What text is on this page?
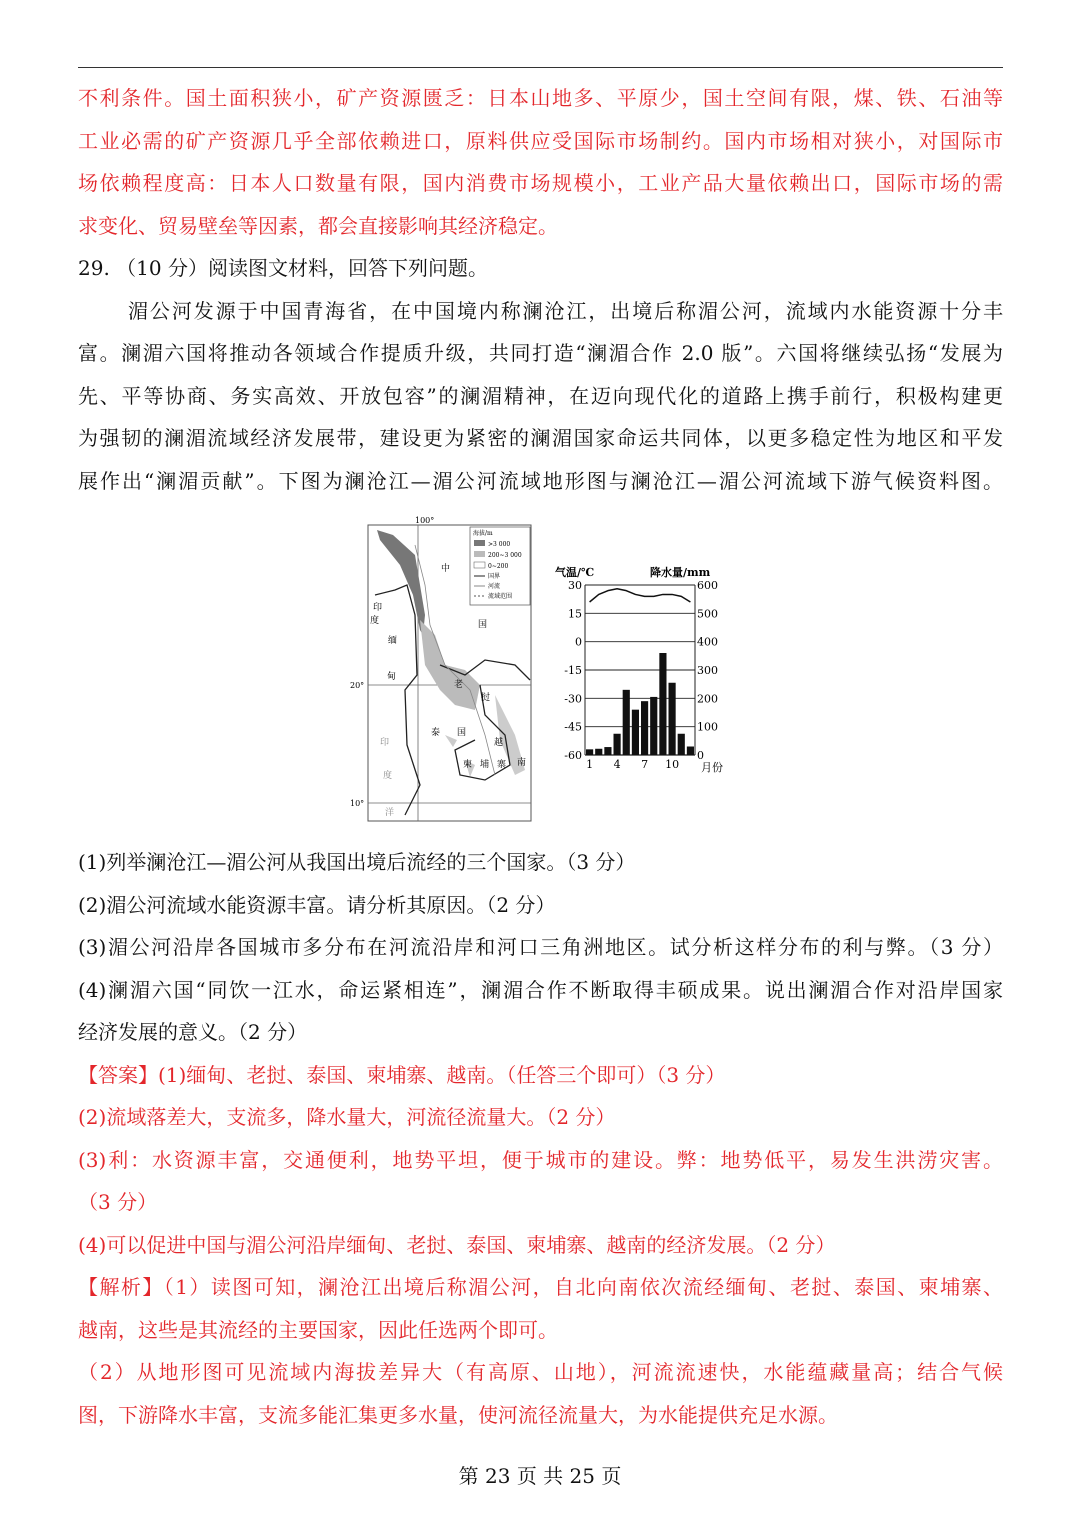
不利条件。国土面积狭小，矿产资源匮乏：日本山地多、平原少，国土空间有限，煤、铁、石油等
工业必需的矿产资源几乎全部依赖进口，原料供应受国际市场制约。国内市场相对狭小，对国际市
场依赖程度高：日本人口数量有限，国内消费市场规模小，工业产品大量依赖出口，国际市场的需
求变化、贸易壁垒等因素，都会直接影响其经济稳定。
29. （10 分）阅读图文材料，回答下列问题。
湄公河发源于中国青海省，在中国境内称澜沧江，出境后称湄公河，流域内水能资源十分丰
富。澜湄六国将推动各领域合作提质升级，共同打造“澜湄合作 2.0 版”。六国将继续弘扬“发展为
先、平等协商、务实高效、开放包容”的澜湄精神，在迈向现代化的道路上携手前行，积极构建更
为强韧的澜湄流域经济发展带，建设更为紧密的澜湄国家命运共同体，以更多稳定性为地区和平发
展作出“澜湄贡献”。下图为澜沧江—湄公河流域地形图与澜沧江—湄公河流域下游气候资料图。
100°
20°
10°
海拔/m
>3 000
200~3 000
0~200
国界
河流
流域范围
中
国
印
度
缅
甸
老
挝
泰 国
越
南
柬 埔 寨
印
度
洋
气温/℃	降水量/mm
30	600
15	500
0	400
-15	300
-30	200
-45	100
-60	0
1 4 7 10 月份
(1)列举澜沧江—湄公河从我国出境后流经的三个国家。（3 分）
(2)湄公河流域水能资源丰富。请分析其原因。（2 分）
(3)湄公河沿岸各国城市多分布在河流沿岸和河口三角洲地区。试分析这样分布的利与弊。（3 分）
(4)澜湄六国“同饮一江水，命运紧相连”，澜湄合作不断取得丰硕成果。说出澜湄合作对沿岸国家
经济发展的意义。（2 分）
【答案】(1)缅甸、老挝、泰国、柬埔寨、越南。（任答三个即可）（3 分）
(2)流域落差大，支流多，降水量大，河流径流量大。（2 分）
(3)利：水资源丰富，交通便利，地势平坦，便于城市的建设。弊：地势低平，易发生洪涝灾害。
（3 分）
(4)可以促进中国与湄公河沿岸缅甸、老挝、泰国、柬埔寨、越南的经济发展。（2 分）
【解析】（1）读图可知，澜沧江出境后称湄公河，自北向南依次流经缅甸、老挝、泰国、柬埔寨、
越南，这些是其流经的主要国家，因此任选两个即可。
（2）从地形图可见流域内海拔差异大（有高原、山地），河流流速快，水能蕴藏量高；结合气候
图，下游降水丰富，支流多能汇集更多水量，使河流径流量大，为水能提供充足水源。
第 23 页 共 25 页
